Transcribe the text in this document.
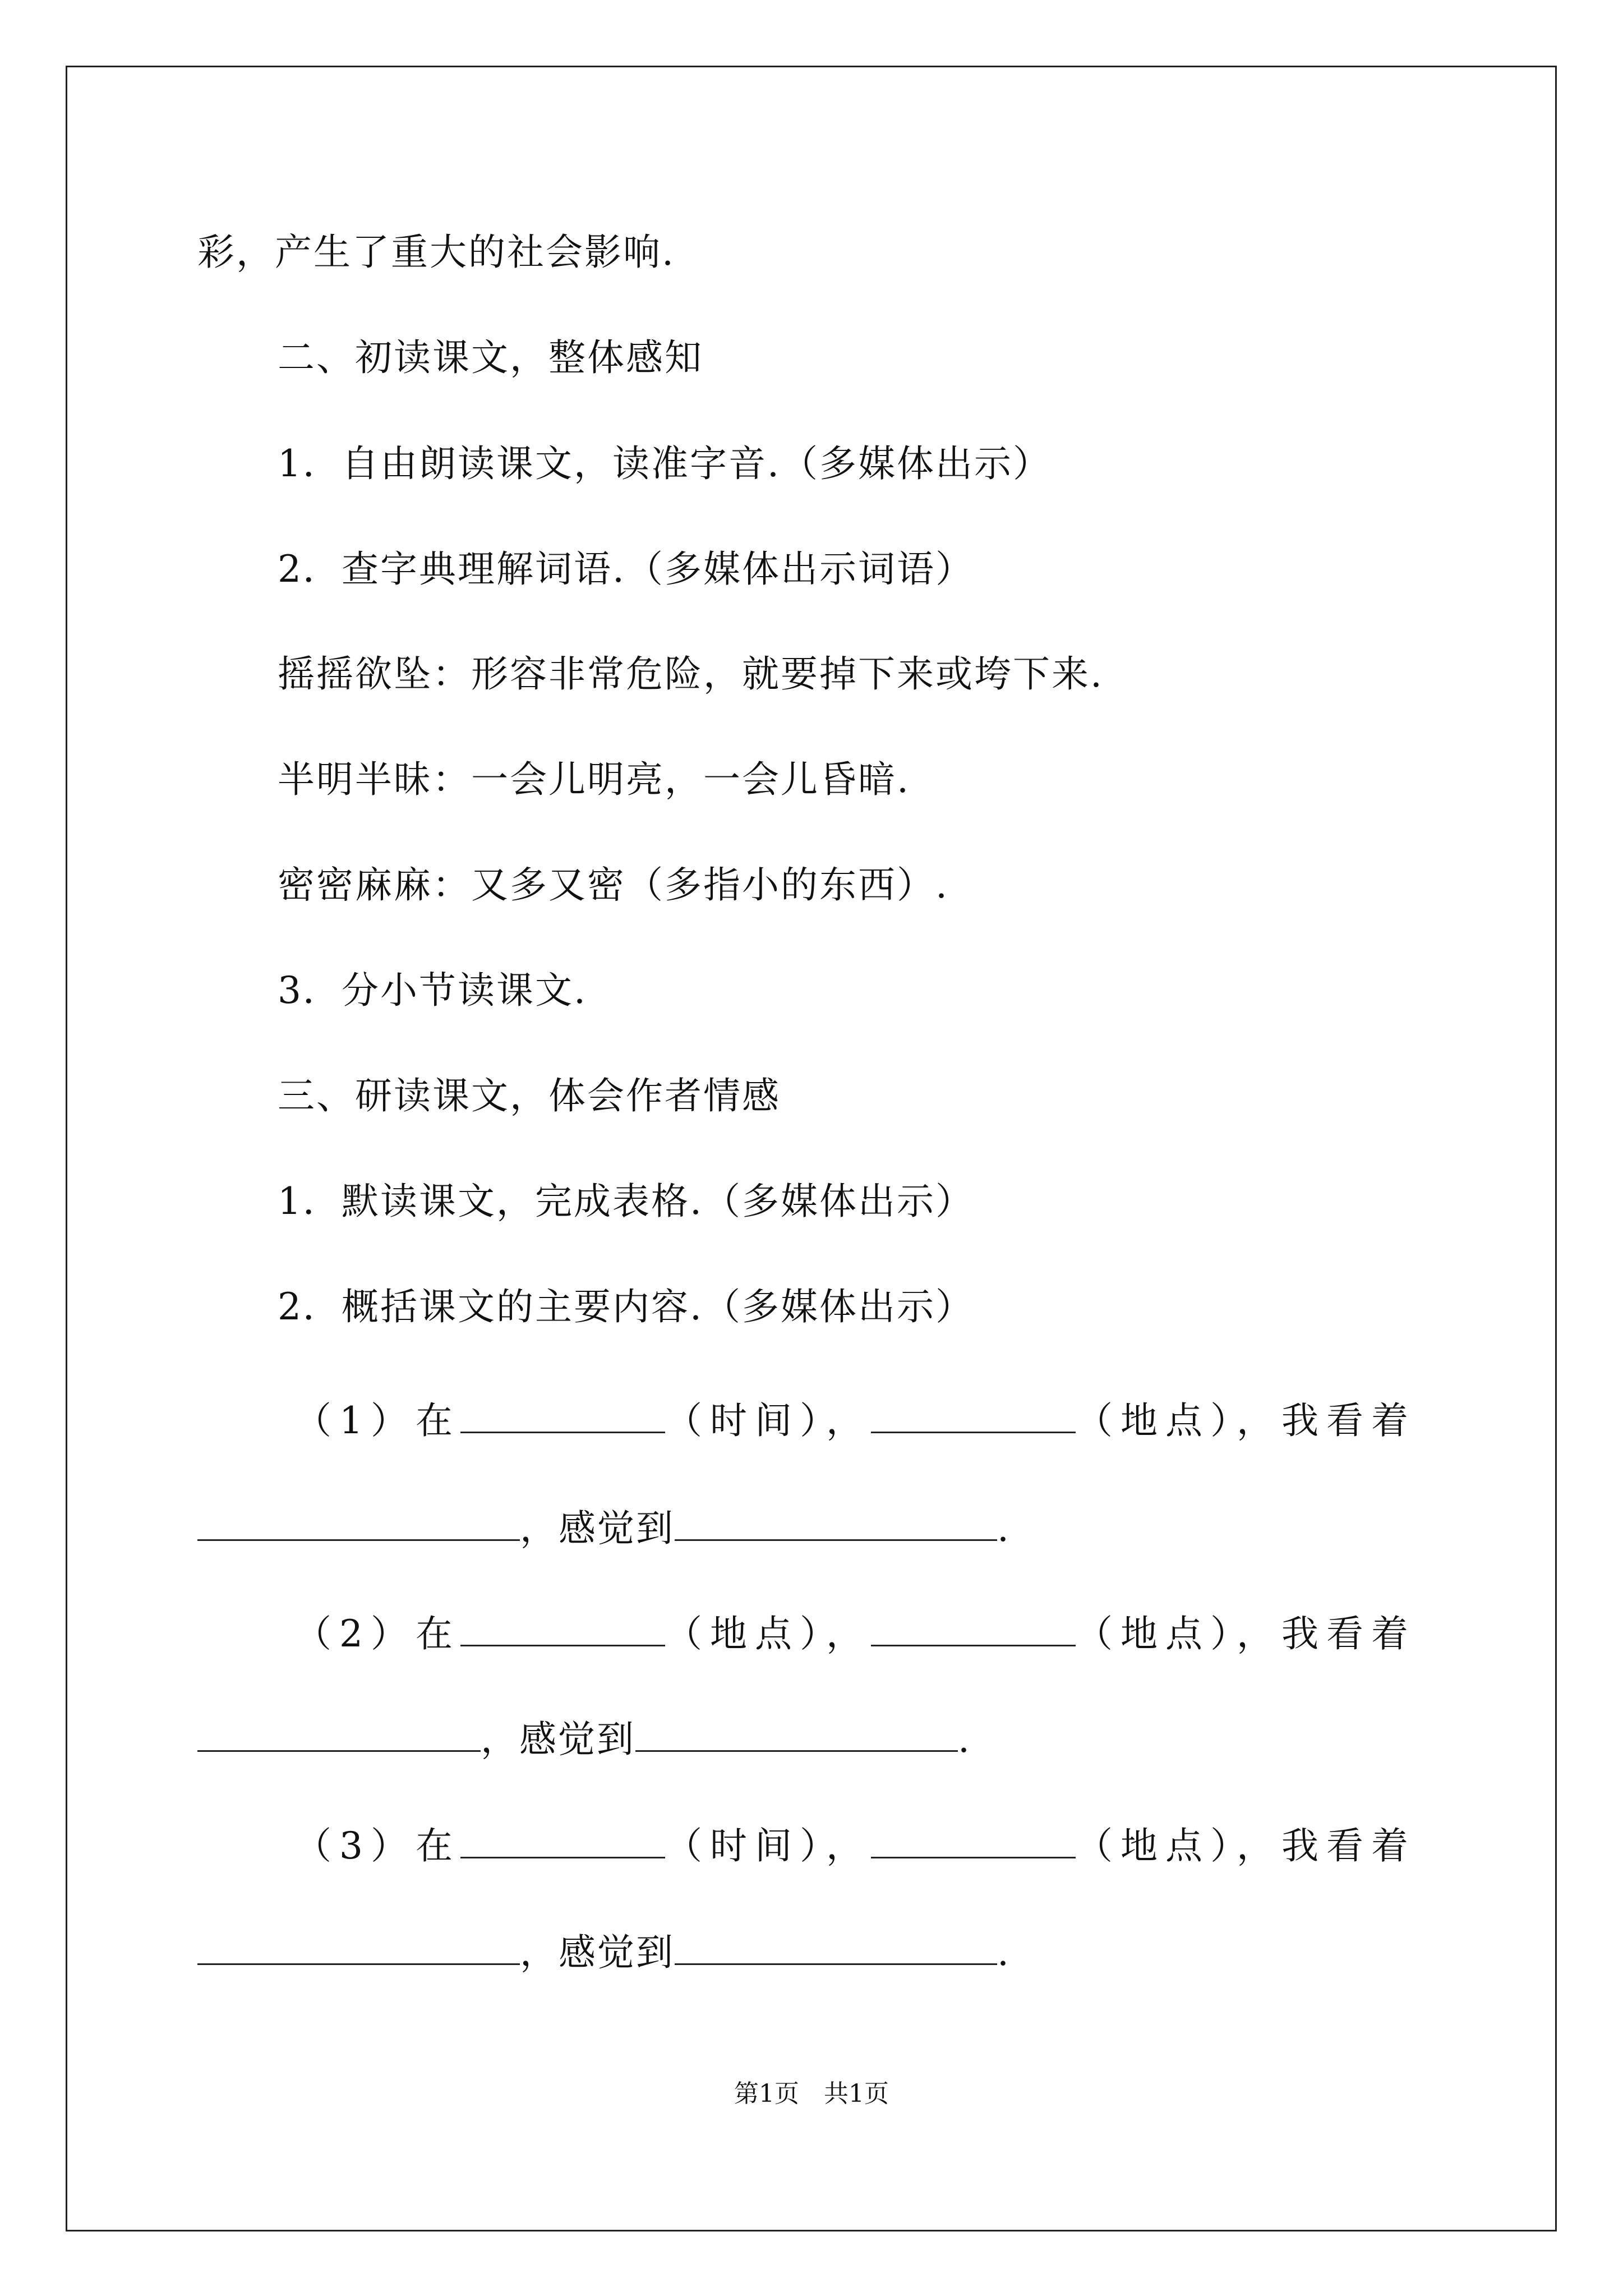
彩，产生了重大的社会影响.
二、初读课文，整体感知
1．自由朗读课文，读准字音.（多媒体出示）
2．查字典理解词语.（多媒体出示词语）
摇摇欲坠：形容非常危险，就要掉下来或垮下来.
半明半昧：一会儿明亮，一会儿昏暗.
密密麻麻：又多又密（多指小的东西）.
3．分小节读课文.
三、研读课文，体会作者情感
1．默读课文，完成表格.（多媒体出示）
2．概括课文的主要内容.（多媒体出示）
（1）在	（时间），	（地点），我看着
，感觉到	.
（2）在	（地点），	（地点），我看着
，感觉到	.
（3）在	（时间），	（地点），我看着
，感觉到	.
第1页　共1页
